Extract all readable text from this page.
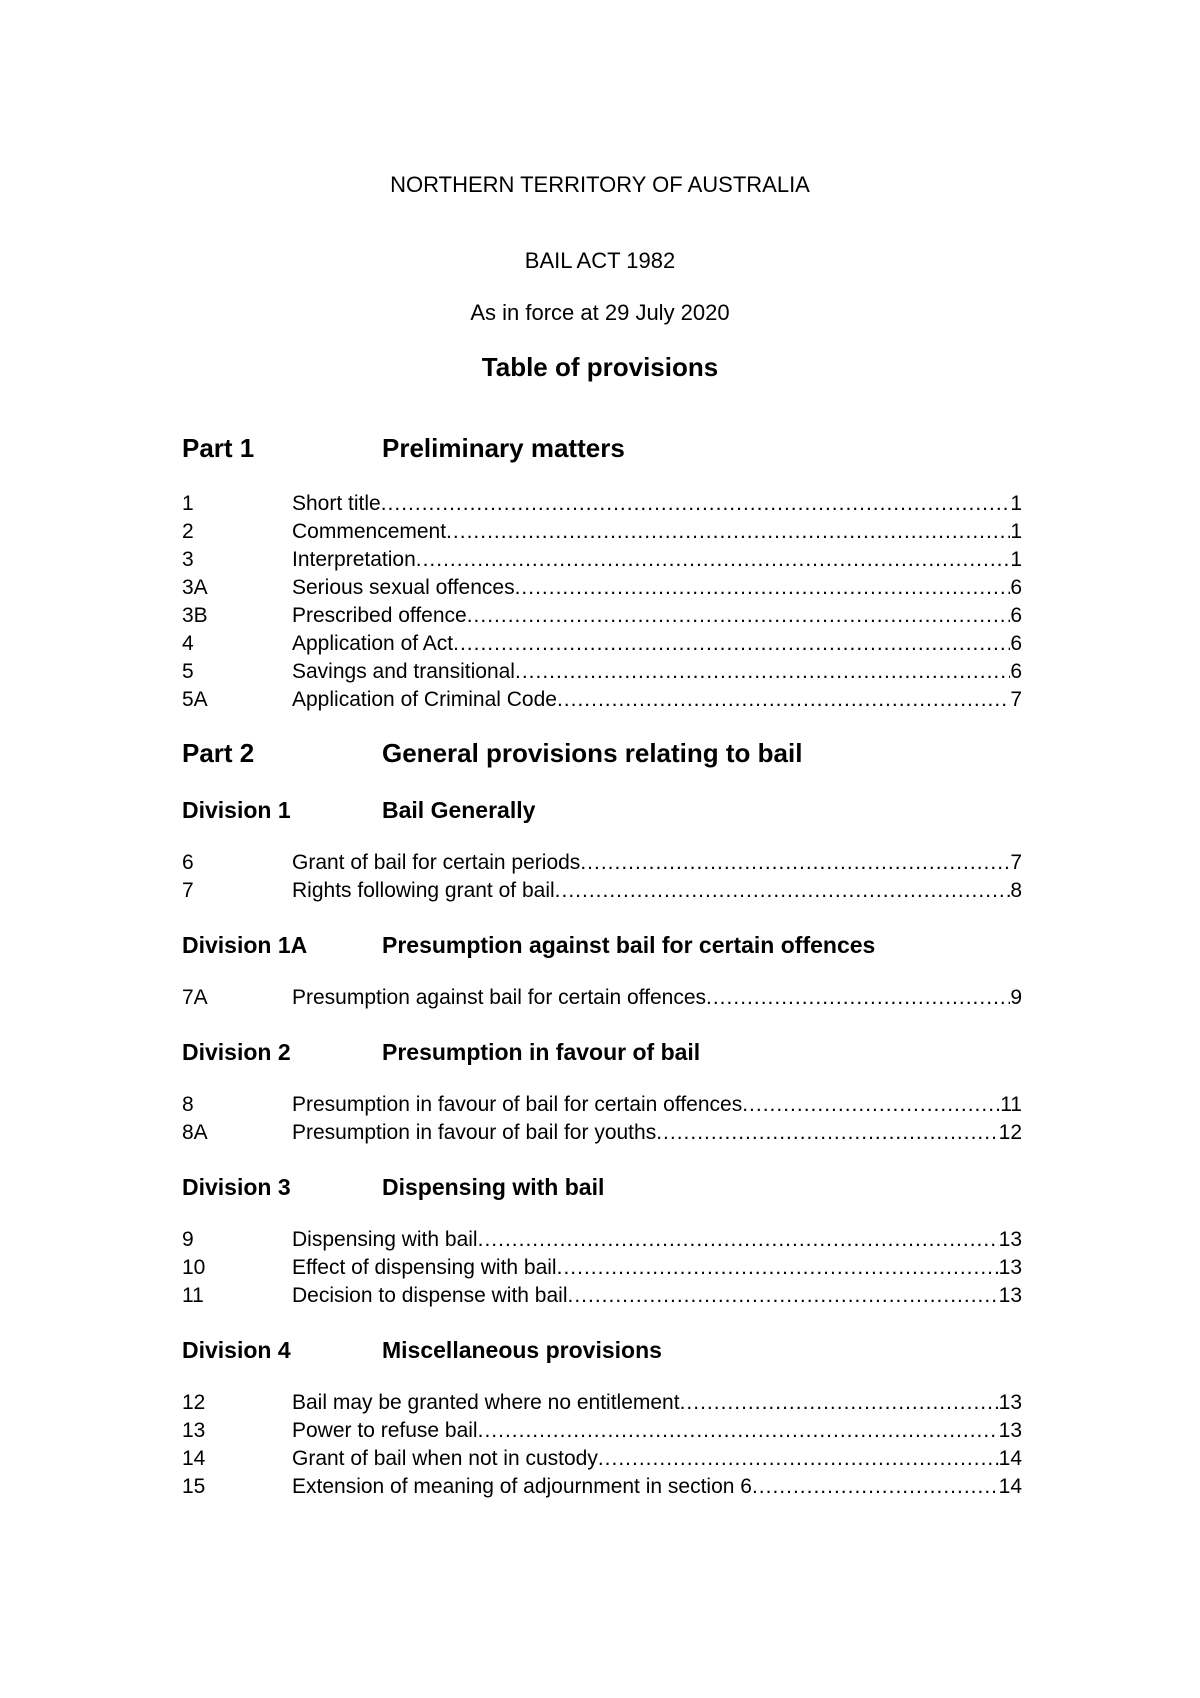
NORTHERN TERRITORY OF AUSTRALIA
BAIL ACT 1982
As in force at 29 July 2020
Table of provisions
Part 1	Preliminary matters
1	Short title .....	1
2	Commencement .....	1
3	Interpretation .....	1
3A	Serious sexual offences .....	6
3B	Prescribed offence .....	6
4	Application of Act .....	6
5	Savings and transitional .....	6
5A	Application of Criminal Code .....	7
Part 2	General provisions relating to bail
Division 1	Bail Generally
6	Grant of bail for certain periods .....	7
7	Rights following grant of bail .....	8
Division 1A	Presumption against bail for certain offences
7A	Presumption against bail for certain offences .....	9
Division 2	Presumption in favour of bail
8	Presumption in favour of bail for certain offences .....	11
8A	Presumption in favour of bail for youths .....	12
Division 3	Dispensing with bail
9	Dispensing with bail .....	13
10	Effect of dispensing with bail .....	13
11	Decision to dispense with bail .....	13
Division 4	Miscellaneous provisions
12	Bail may be granted where no entitlement .....	13
13	Power to refuse bail .....	13
14	Grant of bail when not in custody .....	14
15	Extension of meaning of adjournment in section 6 .....	14
